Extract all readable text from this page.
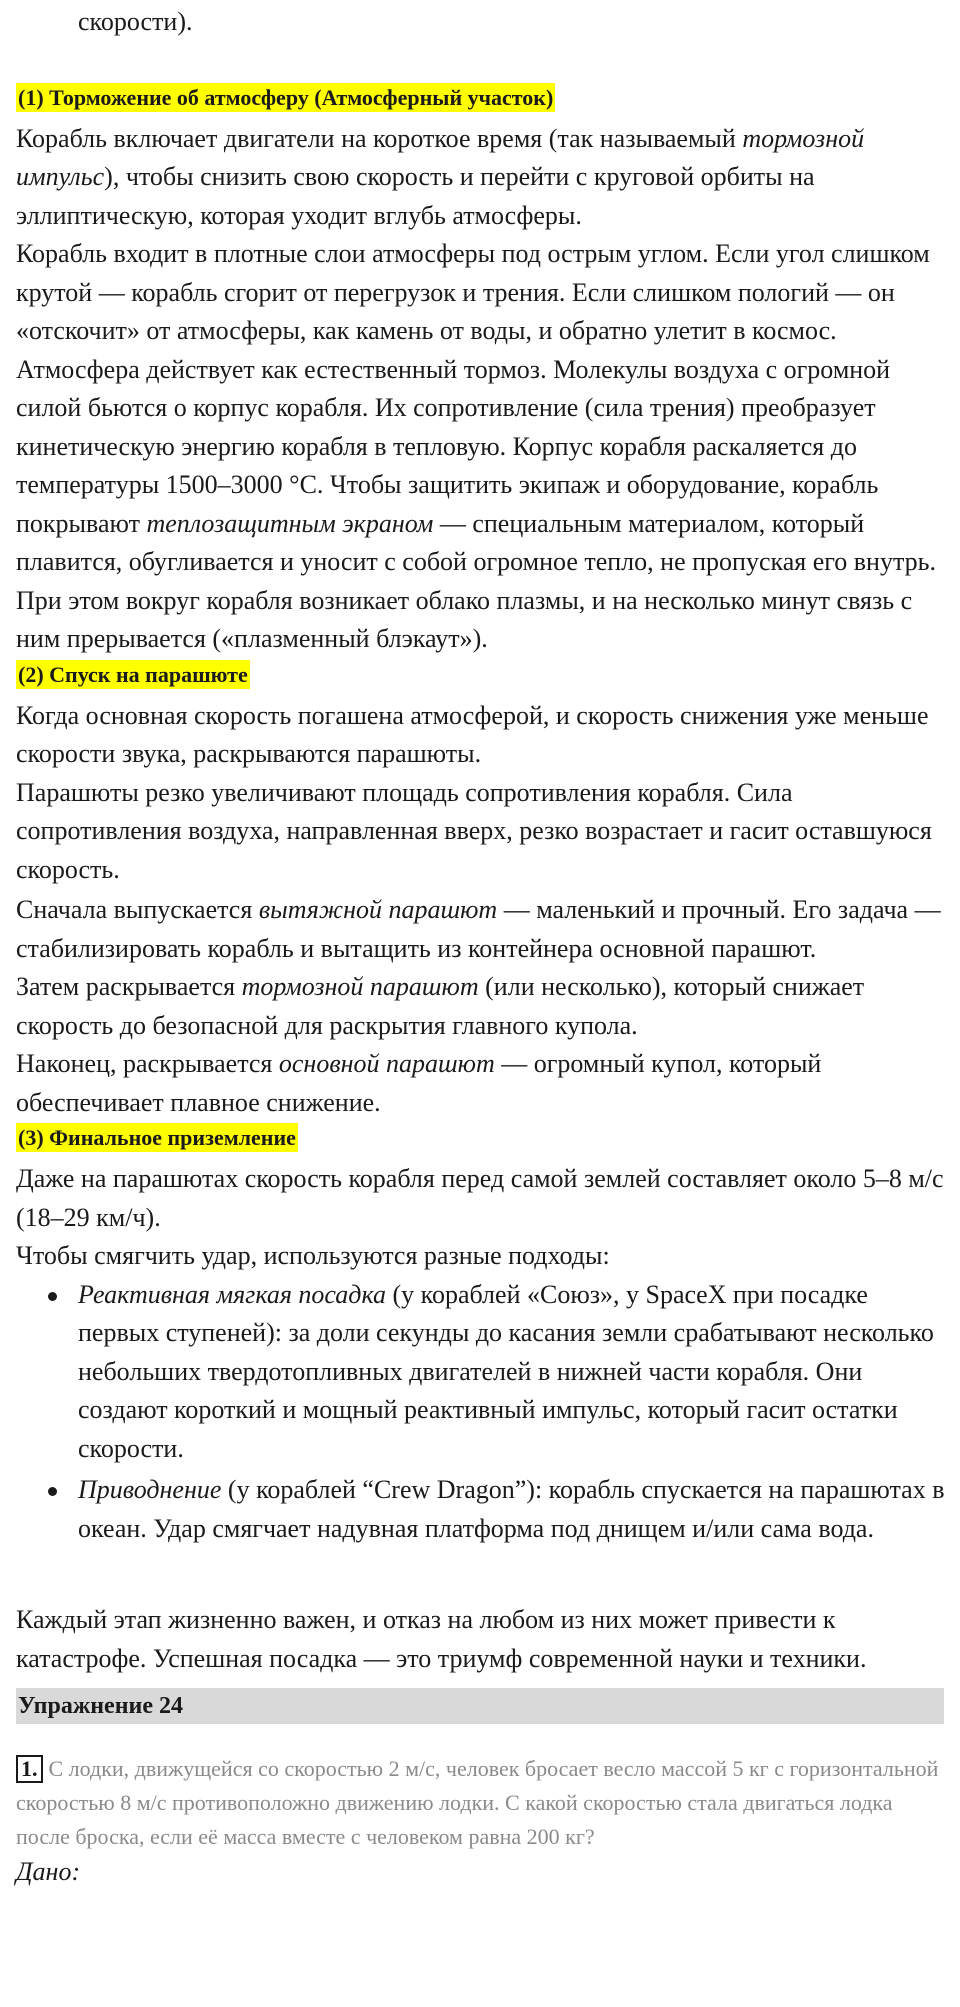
скорости).

(1) Торможение об атмосферу (Атмосферный участок)

Корабль включает двигатели на короткое время (так называемый тормозной импульс), чтобы снизить свою скорость и перейти с круговой орбиты на эллиптическую, которая уходит вглубь атмосферы.

Корабль входит в плотные слои атмосферы под острым углом. Если угол слишком крутой — корабль сгорит от перегрузок и трения. Если слишком пологий — он «отскочит» от атмосферы, как камень от воды, и обратно улетит в космос.

Атмосфера действует как естественный тормоз. Молекулы воздуха с огромной силой бьются о корпус корабля. Их сопротивление (сила трения) преобразует кинетическую энергию корабля в тепловую. Корпус корабля раскаляется до температуры 1500–3000 °С. Чтобы защитить экипаж и оборудование, корабль покрывают теплозащитным экраном — специальным материалом, который плавится, обугливается и уносит с собой огромное тепло, не пропуская его внутрь. При этом вокруг корабля возникает облако плазмы, и на несколько минут связь с ним прерывается («плазменный блэкаут»).

(2) Спуск на парашюте

Когда основная скорость погашена атмосферой, и скорость снижения уже меньше скорости звука, раскрываются парашюты.

Парашюты резко увеличивают площадь сопротивления корабля. Сила сопротивления воздуха, направленная вверх, резко возрастает и гасит оставшуюся скорость.

Сначала выпускается вытяжной парашют — маленький и прочный. Его задача — стабилизировать корабль и вытащить из контейнера основной парашют.

Затем раскрывается тормозной парашют (или несколько), который снижает скорость до безопасной для раскрытия главного купола.

Наконец, раскрывается основной парашют — огромный купол, который обеспечивает плавное снижение.

(3) Финальное приземление

Даже на парашютах скорость корабля перед самой землей составляет около 5–8 м/с (18–29 км/ч).

Чтобы смягчить удар, используются разные подходы:

Реактивная мягкая посадка (у кораблей «Союз», у SpaceX при посадке первых ступеней): за доли секунды до касания земли срабатывают несколько небольших твердотопливных двигателей в нижней части корабля. Они создают короткий и мощный реактивный импульс, который гасит остатки скорости.
Приводнение (у кораблей “Crew Dragon”): корабль спускается на парашютах в океан. Удар смягчает надувная платформа под днищем и/или сама вода.

Каждый этап жизненно важен, и отказ на любом из них может привести к катастрофе. Успешная посадка — это триумф современной науки и техники.

Упражнение 24

1. С лодки, движущейся со скоростью 2 м/с, человек бросает весло массой 5 кг с горизонтальной скоростью 8 м/с противоположно движению лодки. С какой скоростью стала двигаться лодка после броска, если её масса вместе с человеком равна 200 кг?

Дано:
